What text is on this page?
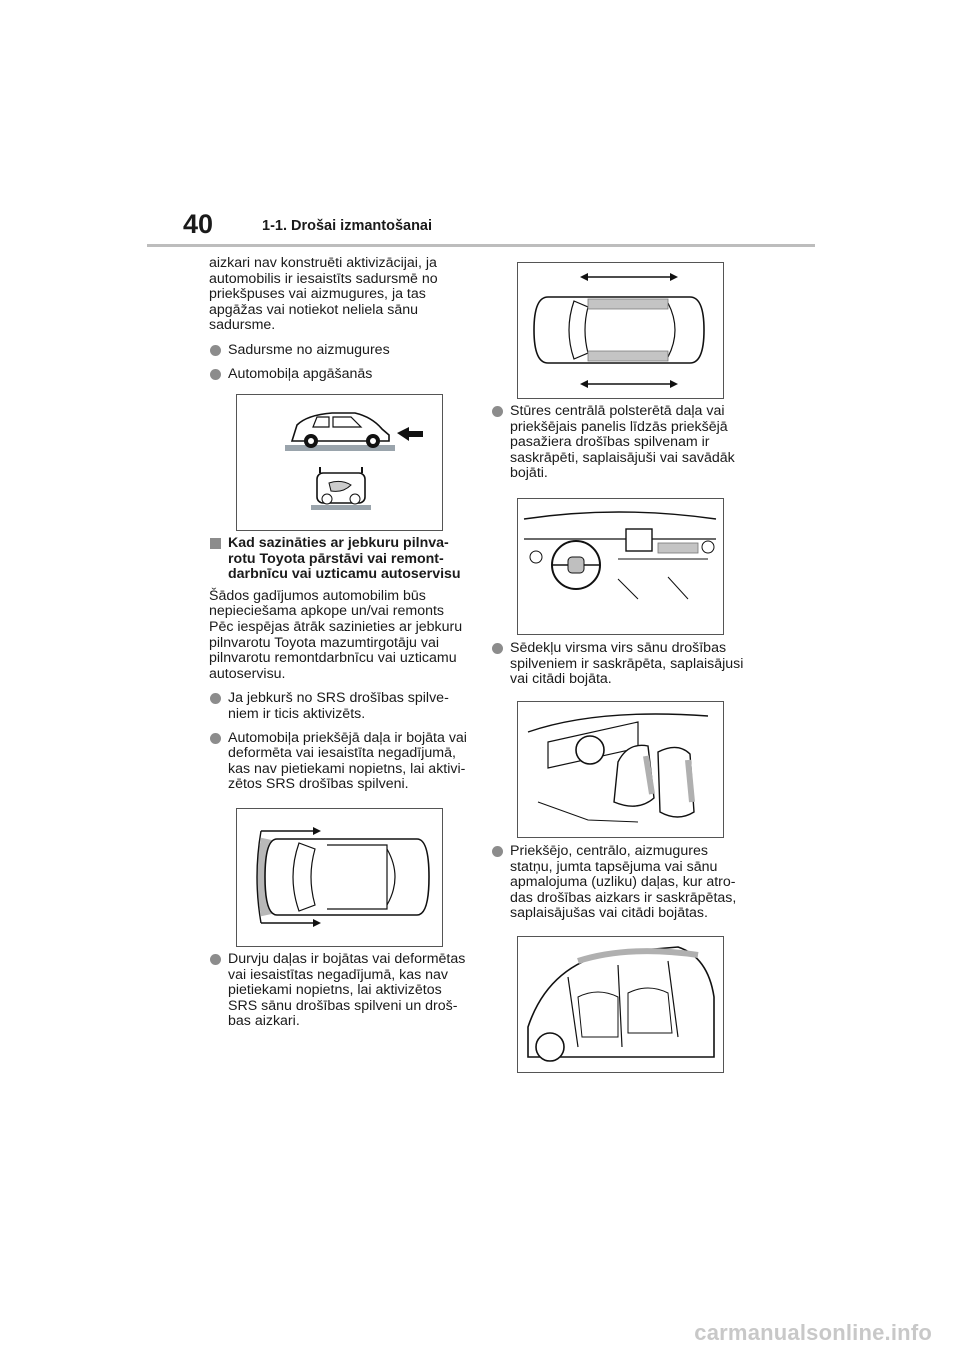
40	1-1. Drošai izmantošanai

aizkari nav konstruēti aktivizācijai, ja

automobilis ir iesaistīts sadursmē no

priekšpuses vai aizmugures, ja tas

apgāžas vai notiekot neliela sānu

sadursme.

Sadursme no aizmugures

Automobiļa apgāšanās

Kad sazināties ar jebkuru pilnva-

rotu Toyota pārstāvi vai remont-

darbnīcu vai uzticamu autoservisu

Šādos gadījumos automobilim būs

nepieciešama apkope un/vai remonts

Pēc iespējas ātrāk sazinieties ar jebkuru

pilnvarotu Toyota mazumtirgotāju vai

pilnvarotu remontdarbnīcu vai uzticamu

autoservisu.

Ja jebkurš no SRS drošības spilve-

niem ir ticis aktivizēts.

Automobiļa priekšējā daļa ir bojāta vai

deformēta vai iesaistīta negadījumā,

kas nav pietiekami nopietns, lai aktivi-

zētos SRS drošības spilveni.

Durvju daļas ir bojātas vai deformētas

vai iesaistītas negadījumā, kas nav

pietiekami nopietns, lai aktivizētos

SRS sānu drošības spilveni un droš-

bas aizkari.

Stūres centrālā polsterētā daļa vai

priekšējais panelis līdzās priekšējā

pasažiera drošības spilvenam ir

saskrāpēti, saplaisājuši vai savādāk

bojāti.

Sēdekļu virsma virs sānu drošības

spilveniem ir saskrāpēta, saplaisājusi

vai citādi bojāta.

Priekšējo, centrālo, aizmugures

statņu, jumta tapsējuma vai sānu

apmalojuma (uzliku) daļas, kur atro-

das drošības aizkars ir saskrāpētas,

saplaisājušas vai citādi bojātas.

carmanualsonline.info
